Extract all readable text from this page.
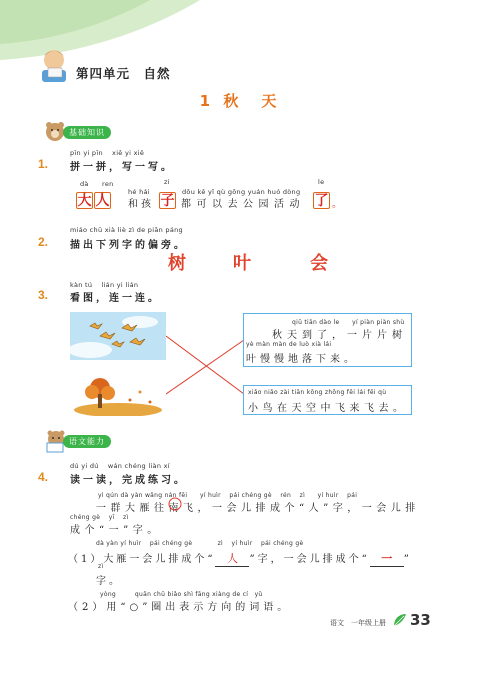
第四单元　自然
1 秋　天
基础知识
pīn yi pīn　 xiě yi xiě
1. 拼一拼，写一写。
dà ren
hé hái
zi
dōu kě yǐ qù gōng yuán huó dòng
le
大 人 和孩 子 都可以去公园活动 了 。
miáo chū xià liè zì de piān páng
2. 描出下列字的偏旁。
树	叶	会
kàn tú　 lián yi lián
3. 看图，连一连。
qiū tiān dào le　　yí piàn piàn shù
秋天到了，一片片树
yè màn màn de luò xià lái
叶慢慢地落下来。
xiǎo niǎo zài tiān kōng zhōng fēi lái fēi qù
小鸟在天空中飞来飞去。
语文能力
dú yi dú　 wán chéng liàn xí
4. 读一读，完成练习。
yì qún dà yàn wǎng nán fēi　　yí huìr　 pái chéng gè　 rén　 zì　　yí huìr　 pái
一群大雁往南飞，一会儿排成个“人”字，一会儿排
chéng gè　 yī　 zì
成个“一”字。
dà yàn yí huìr　 pái chéng gè　　　　zì　 yí huìr　 pái chéng gè
（1）大雁一会儿排成个“ 人 ”字，一会儿排成个“ 一 ”
zì
字。
yòng　　　quān chū biǎo shì fāng xiàng de cí　yǔ
（2）用“○”圈出表示方向的词语。
语文　一年级上册 33
